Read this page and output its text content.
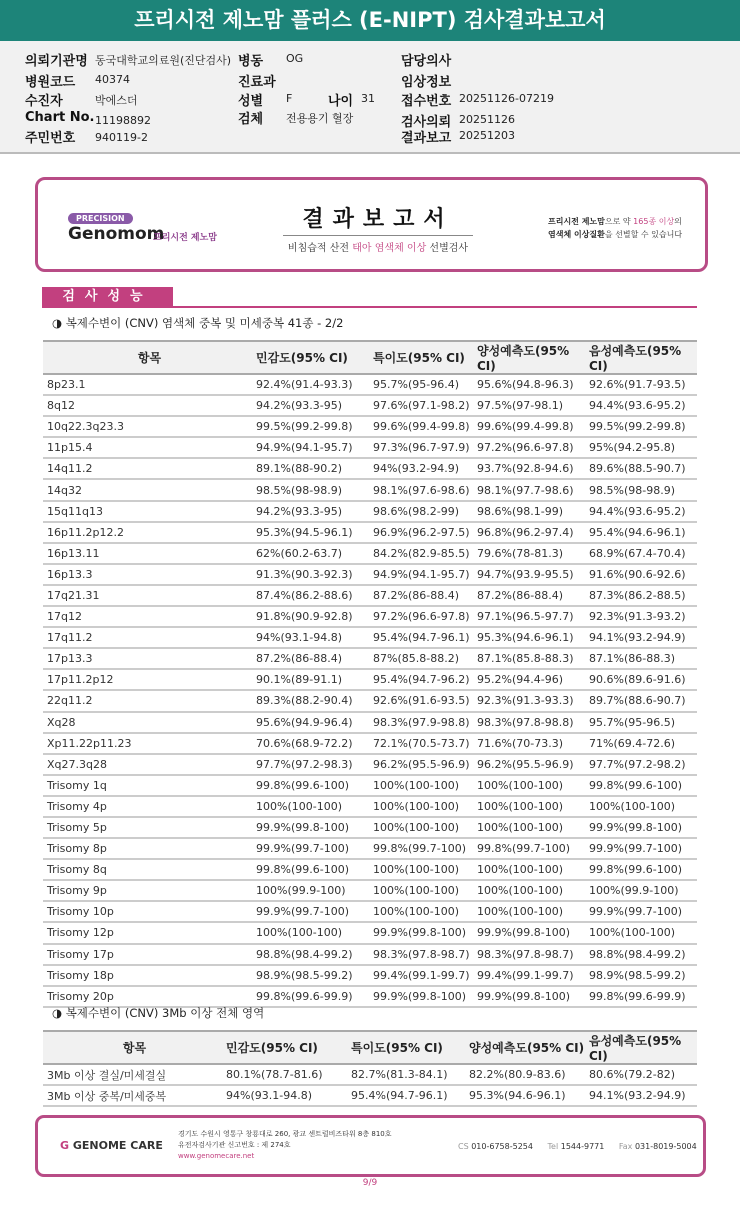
프리시전 제노맘 플러스 (E-NIPT) 검사결과보고서
의뢰기관명 동국대학교의료원(진단검사) 병동 OG	담당의사
병원코드 40374	진료과	임상정보
수진자	박에스더	성별 F	나이 31 접수번호 20251126-07219
Chart No. 11198892	검체 전용용기 혈장	검사의뢰 20251126
주민번호 940119-2	결과보고 20251203
PRECISION
Genomom
프리시전 제노맘
결과보고서
비침습적 산전 태아 염색체 이상 선별검사
프리시전 제노맘으로 약 165종 이상의
염색체 이상질환을 선별할 수 있습니다
검사성능
◑ 복제수변이 (CNV) 염색체 중복 및 미세중복 41종 - 2/2
항목	민감도(95% CI)	특이도(95% CI)	양성예측도(95% CI)	음성예측도(95% CI)
8p23.1	92.4%(91.4-93.3)	95.7%(95-96.4)	95.6%(94.8-96.3)	92.6%(91.7-93.5)
8q12	94.2%(93.3-95)	97.6%(97.1-98.2)	97.5%(97-98.1)	94.4%(93.6-95.2)
10q22.3q23.3	99.5%(99.2-99.8)	99.6%(99.4-99.8)	99.6%(99.4-99.8)	99.5%(99.2-99.8)
11p15.4	94.9%(94.1-95.7)	97.3%(96.7-97.9)	97.2%(96.6-97.8)	95%(94.2-95.8)
14q11.2	89.1%(88-90.2)	94%(93.2-94.9)	93.7%(92.8-94.6)	89.6%(88.5-90.7)
14q32	98.5%(98-98.9)	98.1%(97.6-98.6)	98.1%(97.7-98.6)	98.5%(98-98.9)
15q11q13	94.2%(93.3-95)	98.6%(98.2-99)	98.6%(98.1-99)	94.4%(93.6-95.2)
16p11.2p12.2	95.3%(94.5-96.1)	96.9%(96.2-97.5)	96.8%(96.2-97.4)	95.4%(94.6-96.1)
16p13.11	62%(60.2-63.7)	84.2%(82.9-85.5)	79.6%(78-81.3)	68.9%(67.4-70.4)
16p13.3	91.3%(90.3-92.3)	94.9%(94.1-95.7)	94.7%(93.9-95.5)	91.6%(90.6-92.6)
17q21.31	87.4%(86.2-88.6)	87.2%(86-88.4)	87.2%(86-88.4)	87.3%(86.2-88.5)
17q12	91.8%(90.9-92.8)	97.2%(96.6-97.8)	97.1%(96.5-97.7)	92.3%(91.3-93.2)
17q11.2	94%(93.1-94.8)	95.4%(94.7-96.1)	95.3%(94.6-96.1)	94.1%(93.2-94.9)
17p13.3	87.2%(86-88.4)	87%(85.8-88.2)	87.1%(85.8-88.3)	87.1%(86-88.3)
17p11.2p12	90.1%(89-91.1)	95.4%(94.7-96.2)	95.2%(94.4-96)	90.6%(89.6-91.6)
22q11.2	89.3%(88.2-90.4)	92.6%(91.6-93.5)	92.3%(91.3-93.3)	89.7%(88.6-90.7)
Xq28	95.6%(94.9-96.4)	98.3%(97.9-98.8)	98.3%(97.8-98.8)	95.7%(95-96.5)
Xp11.22p11.23	70.6%(68.9-72.2)	72.1%(70.5-73.7)	71.6%(70-73.3)	71%(69.4-72.6)
Xq27.3q28	97.7%(97.2-98.3)	96.2%(95.5-96.9)	96.2%(95.5-96.9)	97.7%(97.2-98.2)
Trisomy 1q	99.8%(99.6-100)	100%(100-100)	100%(100-100)	99.8%(99.6-100)
Trisomy 4p	100%(100-100)	100%(100-100)	100%(100-100)	100%(100-100)
Trisomy 5p	99.9%(99.8-100)	100%(100-100)	100%(100-100)	99.9%(99.8-100)
Trisomy 8p	99.9%(99.7-100)	99.8%(99.7-100)	99.8%(99.7-100)	99.9%(99.7-100)
Trisomy 8q	99.8%(99.6-100)	100%(100-100)	100%(100-100)	99.8%(99.6-100)
Trisomy 9p	100%(99.9-100)	100%(100-100)	100%(100-100)	100%(99.9-100)
Trisomy 10p	99.9%(99.7-100)	100%(100-100)	100%(100-100)	99.9%(99.7-100)
Trisomy 12p	100%(100-100)	99.9%(99.8-100)	99.9%(99.8-100)	100%(100-100)
Trisomy 17p	98.8%(98.4-99.2)	98.3%(97.8-98.7)	98.3%(97.8-98.7)	98.8%(98.4-99.2)
Trisomy 18p	98.9%(98.5-99.2)	99.4%(99.1-99.7)	99.4%(99.1-99.7)	98.9%(98.5-99.2)
Trisomy 20p	99.8%(99.6-99.9)	99.9%(99.8-100)	99.9%(99.8-100)	99.8%(99.6-99.9)
◑ 복제수변이 (CNV) 3Mb 이상 전체 영역
항목	민감도(95% CI)	특이도(95% CI)	양성예측도(95% CI)	음성예측도(95% CI)
3Mb 이상 결실/미세결실	80.1%(78.7-81.6)	82.7%(81.3-84.1)	82.2%(80.9-83.6)	80.6%(79.2-82)
3Mb 이상 중복/미세중복	94%(93.1-94.8)	95.4%(94.7-96.1)	95.3%(94.6-96.1)	94.1%(93.2-94.9)
G GENOME CARE
경기도 수원시 영통구 창룡대로 260, 광교 센트럴비즈타워 8층 810호
유전자검사기관 신고번호 : 제 274호
www.genomecare.net
CS 010-6758-5254 Tel 1544-9771 Fax 031-8019-5004
9/9
